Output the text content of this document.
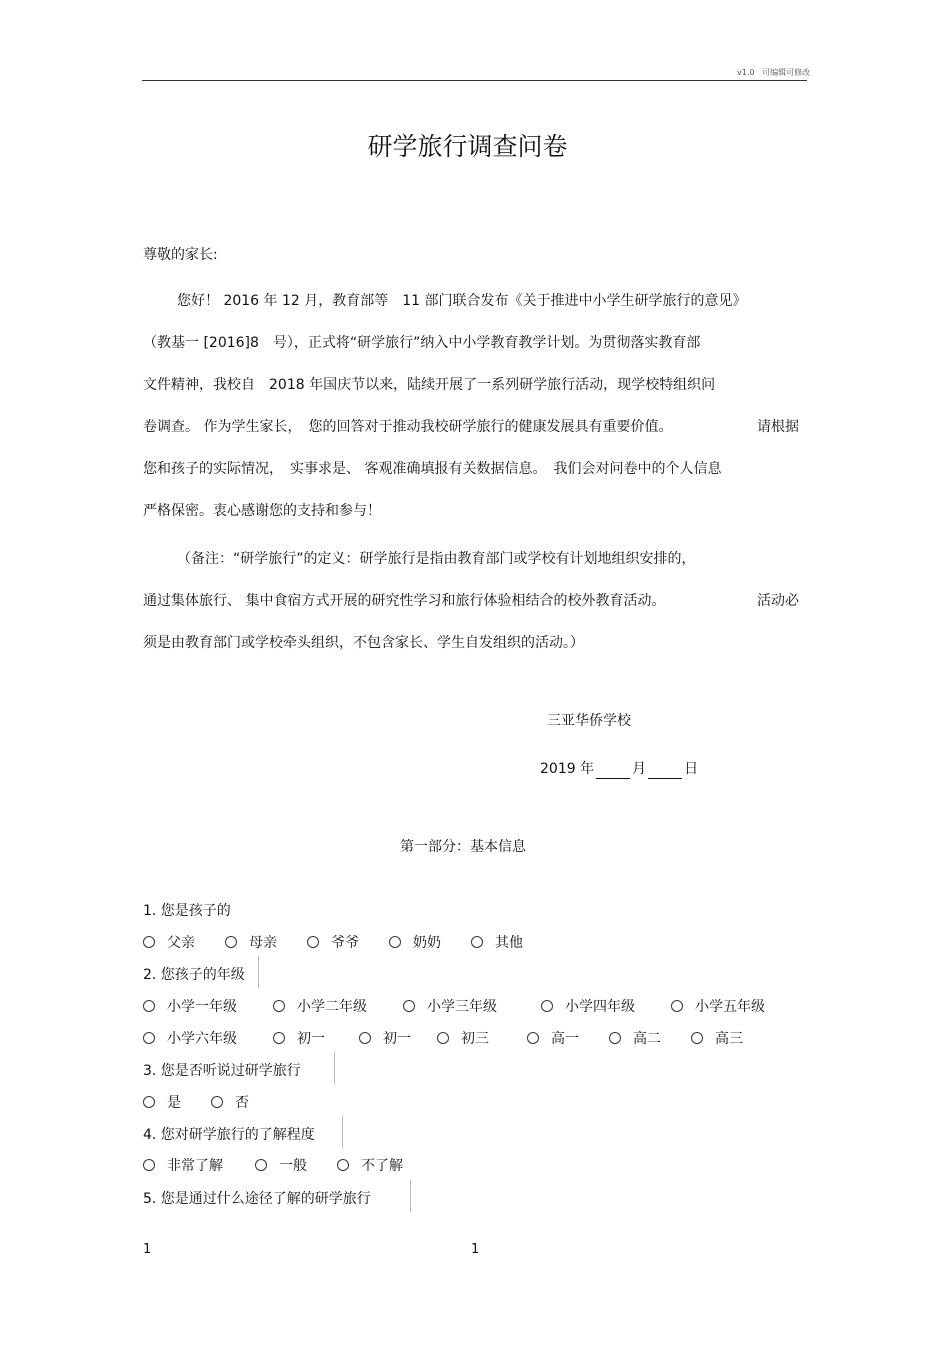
v1.0 可编辑可修改
研学旅行调查问卷
尊敬的家长:
您好！ 2016 年 12 月，教育部等　11 部门联合发布《关于推进中小学生研学旅行的意见》
（教基一 [2016]8　号），正式将“研学旅行”纳入中小学教育教学计划。为贯彻落实教育部
文件精神，我校自　2018 年国庆节以来，陆续开展了一系列研学旅行活动，现学校特组织问
卷调查。 作为学生家长，　您的回答对于推动我校研学旅行的健康发展具有重要价值。	请根据
您和孩子的实际情况，　实事求是、 客观准确填报有关数据信息。　我们会对问卷中的个人信息
严格保密。衷心感谢您的支持和参与！
（备注：“研学旅行”的定义：研学旅行是指由教育部门或学校有计划地组织安排的，
通过集体旅行、 集中食宿方式开展的研究性学习和旅行体验相结合的校外教育活动。	活动必
须是由教育部门或学校牵头组织，不包含家长、学生自发组织的活动。）
三亚华侨学校
2019 年	月	日
第一部分：基本信息
1. 您是孩子的
父亲	母亲	爷爷	奶奶	其他
2. 您孩子的年级
小学一年级	小学二年级	小学三年级	小学四年级	小学五年级
小学六年级	初一	初一	初三	高一	高二	高三
3. 您是否听说过研学旅行
是	否
4. 您对研学旅行的了解程度
非常了解	一般	不了解
5. 您是通过什么途径了解的研学旅行
1	1
